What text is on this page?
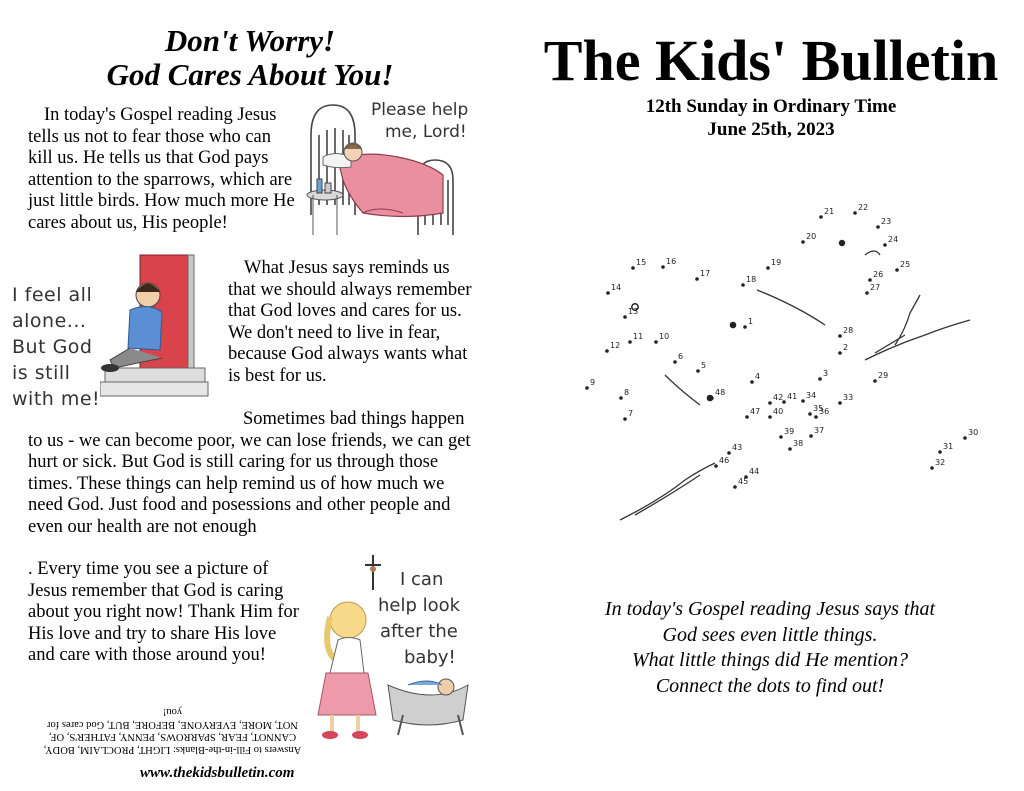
Don't Worry!
God Cares About You!
In today's Gospel reading Jesus tells us not to fear those who can kill us. He tells us that God pays attention to the sparrows, which are just little birds. How much more He cares about us, His people!
Please help
me, Lord!
I feel all
alone...
But God
is still
with me!
What Jesus says reminds us that we should always remember that God loves and cares for us. We don't need to live in fear, because God always wants what is best for us.
Sometimes bad things happen to us - we can become poor, we can lose friends, we can get hurt or sick. But God is still caring for us through those times. These things can help remind us of how much we need God. Just food and posessions and other people and even our health are not enough
. Every time you see a picture of Jesus remember that God is caring about you right now! Thank Him for His love and try to share His love and care with those around you!
I can
help look
after the
baby!
Answers to Fill-in-the-Blanks: LIGHT, PROCLAIM, BODY, CANNOT, FEAR, SPARROWS, PENNY, FATHER'S, OF, NOT, MORE, EVERYONE, BEFORE, BUT, God cares for you!
www.thekidsbulletin.com
The Kids' Bulletin
12th Sunday in Ordinary Time
June 25th, 2023
1
2
3
4
5
6
7
8
9
10
11
12
13
14
15 16
17
18
19
20
21	22
23
24
25
26
27
28
29
30
31
32
33
34
35
36
37
38
39
40
41
42
43
44
45
46
47
48
In today's Gospel reading Jesus says that
God sees even little things.
What little things did He mention?
Connect the dots to find out!
